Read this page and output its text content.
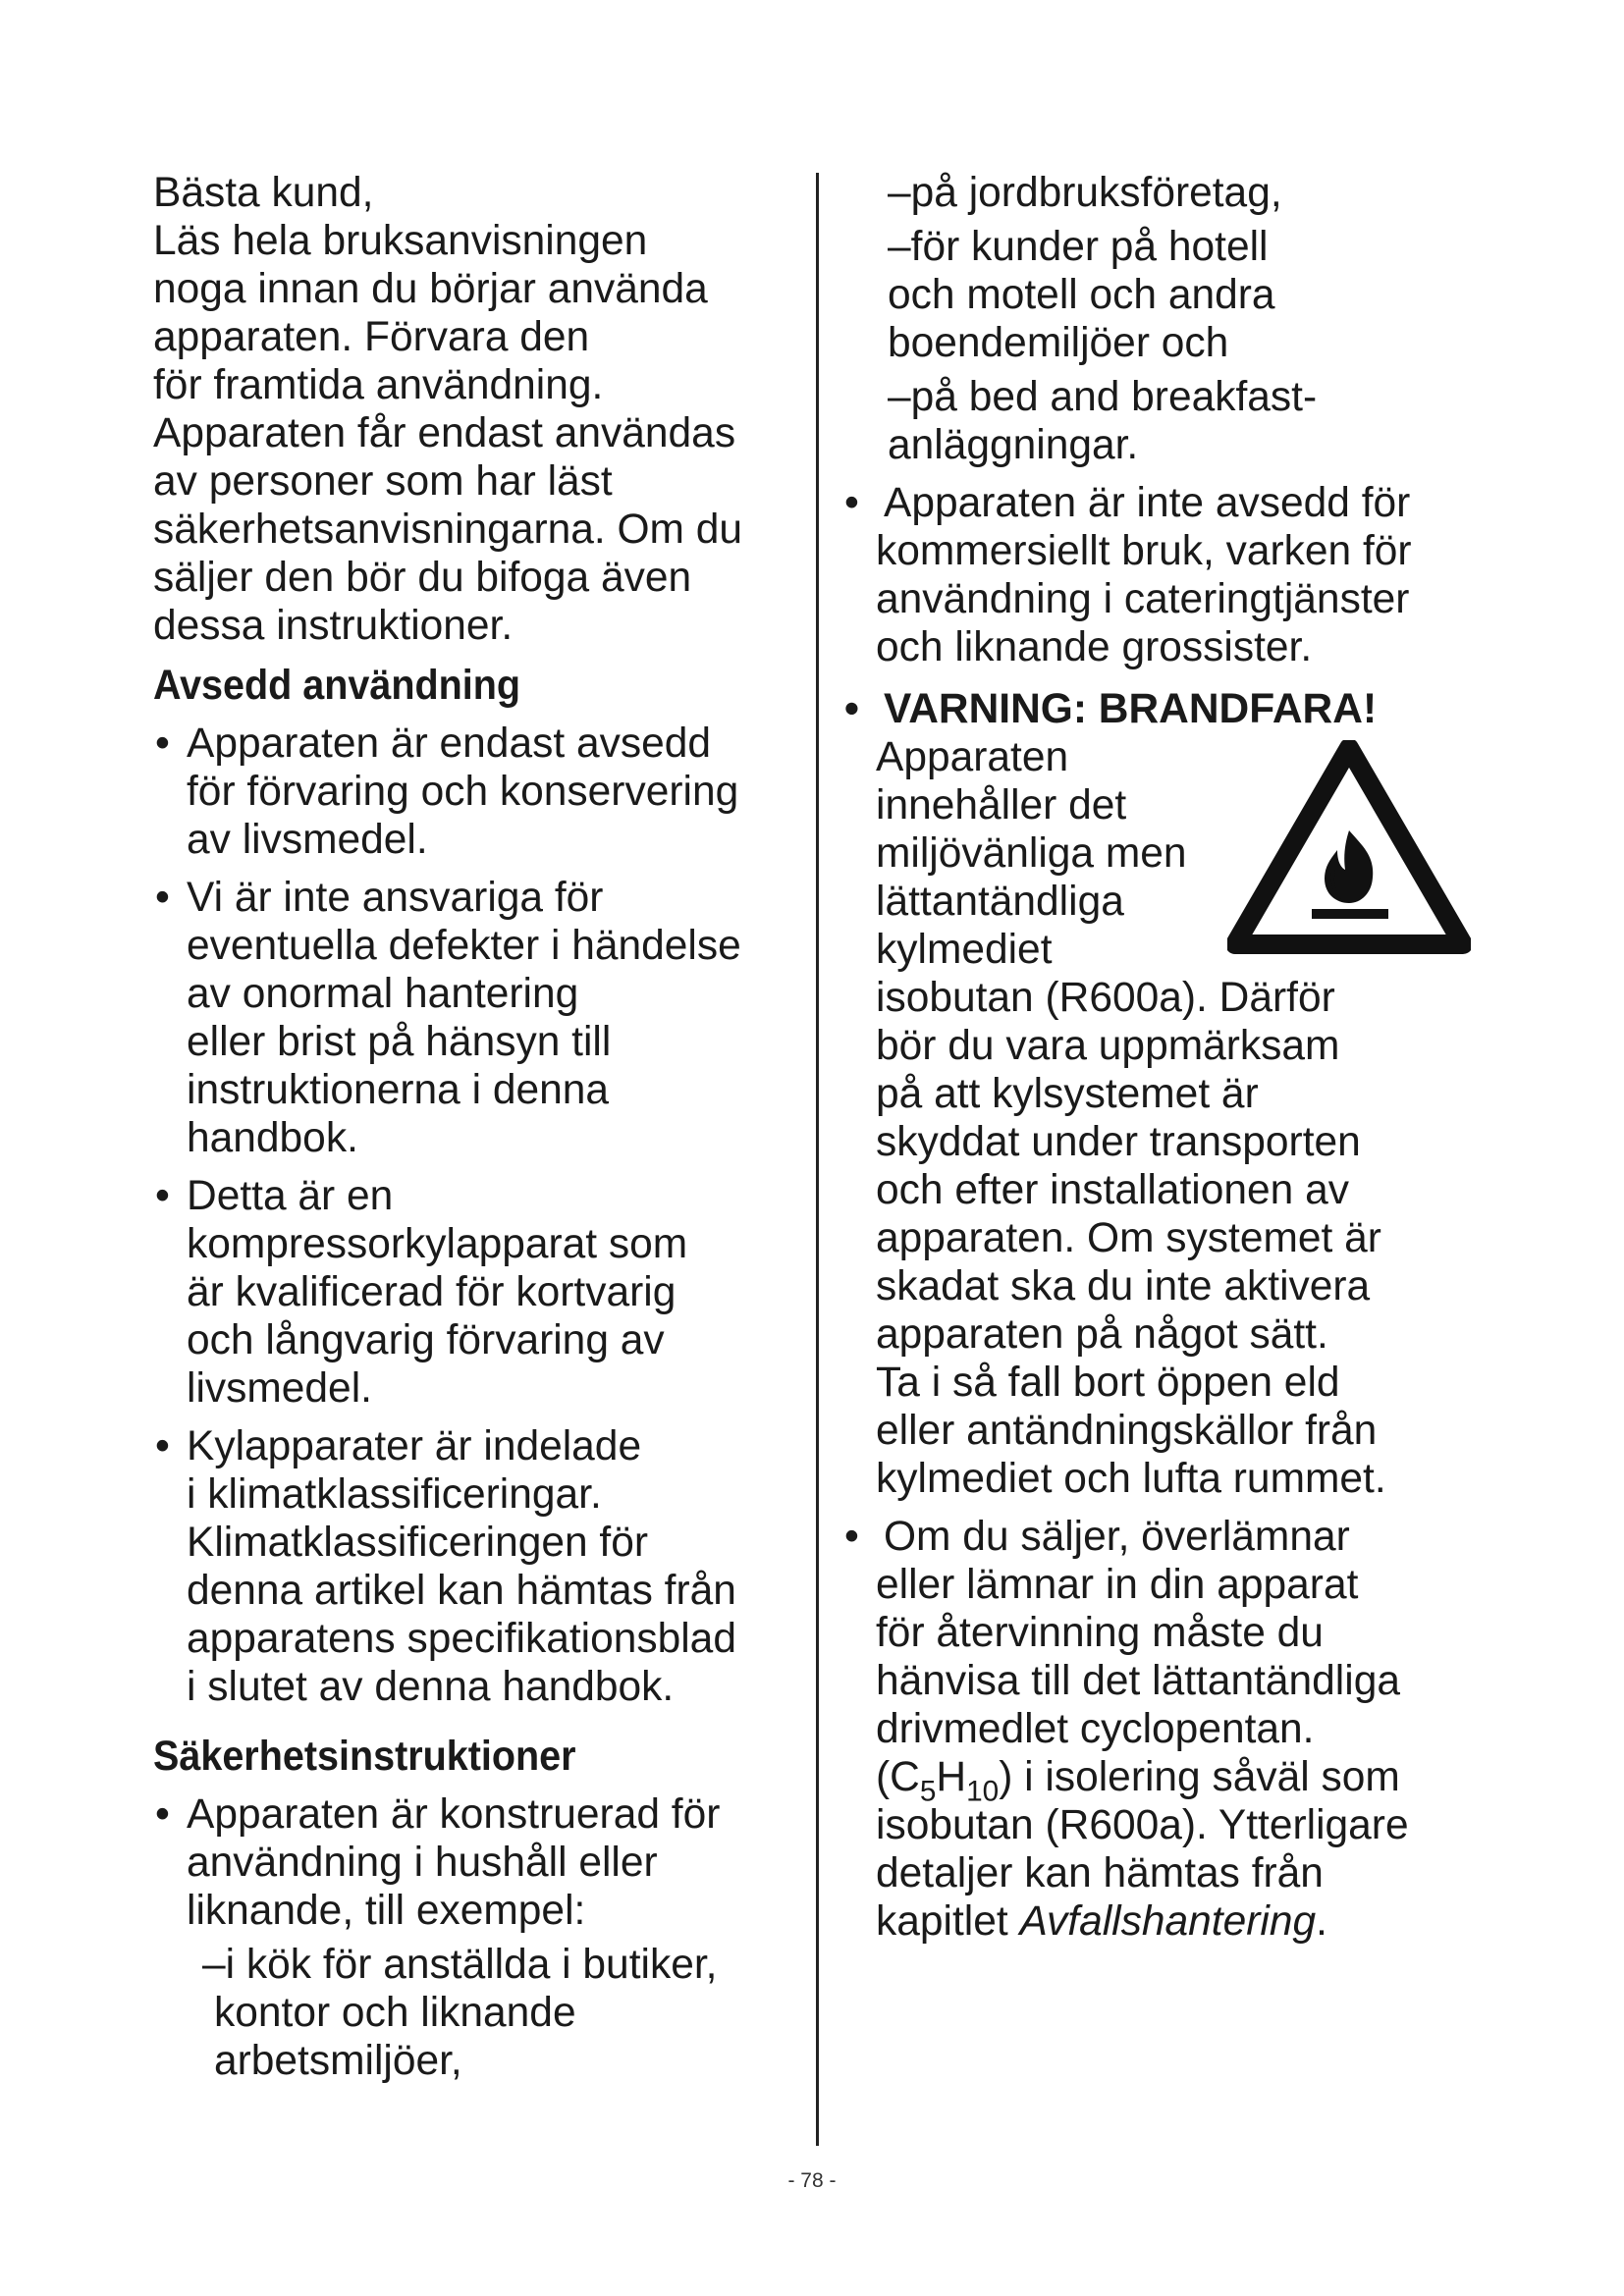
Bästa kund,

Läs hela bruksanvisningen

noga innan du börjar använda

apparaten. Förvara den

för framtida användning.

Apparaten får endast användas

av personer som har läst

säkerhetsanvisningarna. Om du

säljer den bör du bifoga även

dessa instruktioner.

Avsedd användning

• Apparaten är endast avsedd

för förvaring och konservering

av livsmedel.

• Vi är inte ansvariga för

eventuella defekter i händelse

av onormal hantering

eller brist på hänsyn till

instruktionerna i denna

handbok.

• Detta är en

kompressorkylapparat som

är kvalificerad för kortvarig

och långvarig förvaring av

livsmedel.

• Kylapparater är indelade

i klimatklassificeringar.

Klimatklassificeringen för

denna artikel kan hämtas från

apparatens specifikationsblad

i slutet av denna handbok.

Säkerhetsinstruktioner

• Apparaten är konstruerad för

användning i hushåll eller

liknande, till exempel:

–i kök för anställda i butiker,

kontor och liknande

arbetsmiljöer,

–på jordbruksföretag,

–för kunder på hotell

och motell och andra

boendemiljöer och

–på bed and breakfast-

anläggningar.

• Apparaten är inte avsedd för

kommersiellt bruk, varken för

användning i cateringtjänster

och liknande grossister.

• VARNING: BRANDFARA!

Apparaten

innehåller det

miljövänliga men

lättantändliga

kylmediet

isobutan (R600a). Därför

bör du vara uppmärksam

på att kylsystemet är

skyddat under transporten

och efter installationen av

apparaten. Om systemet är

skadat ska du inte aktivera

apparaten på något sätt.

Ta i så fall bort öppen eld

eller antändningskällor från

kylmediet och lufta rummet.

• Om du säljer, överlämnar

eller lämnar in din apparat

för återvinning måste du

hänvisa till det lättantändliga

drivmedlet cyclopentan.

$(C_5H_{10})$ i isolering såväl som

isobutan (R600a). Ytterligare

detaljer kan hämtas från

kapitlet Avfallshantering.

- 78 -
